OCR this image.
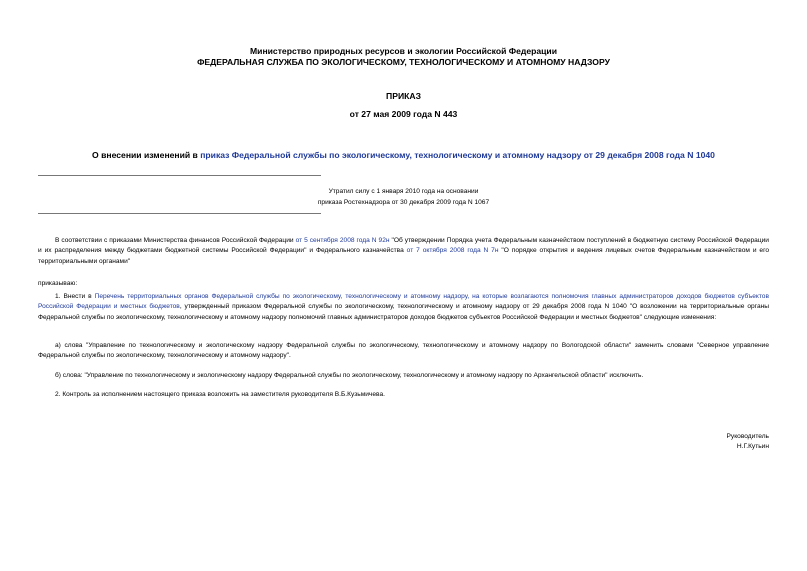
Министерство природных ресурсов и экологии Российской Федерации
ФЕДЕРАЛЬНАЯ СЛУЖБА ПО ЭКОЛОГИЧЕСКОМУ, ТЕХНОЛОГИЧЕСКОМУ И АТОМНОМУ НАДЗОРУ
ПРИКАЗ
от 27 мая 2009 года N 443
О внесении изменений в приказ Федеральной службы по экологическому, технологическому и атомному надзору от 29 декабря 2008 года N 1040
Утратил силу с 1 января 2010 года на основании
приказа Ростехнадзора от 30 декабря 2009 года N 1067
В соответствии с приказами Министерства финансов Российской Федерации от 5 сентября 2008 года N 92н "Об утверждении Порядка учета Федеральным казначейством поступлений в бюджетную систему Российской Федерации и их распределения между бюджетами бюджетной системы Российской Федерации" и Федерального казначейства от 7 октября 2008 года N 7н "О порядке открытия и ведения лицевых счетов Федеральным казначейством и его территориальными органами"
приказываю:
1. Внести в Перечень территориальных органов Федеральной службы по экологическому, технологическому и атомному надзору, на которые возлагаются полномочия главных администраторов доходов бюджетов субъектов Российской Федерации и местных бюджетов, утвержденный приказом Федеральной службы по экологическому, технологическому и атомному надзору от 29 декабря 2008 года N 1040 "О возложении на территориальные органы Федеральной службы по экологическому, технологическому и атомному надзору полномочий главных администраторов доходов бюджетов субъектов Российской Федерации и местных бюджетов" следующие изменения:
а) слова "Управление по технологическому и экологическому надзору Федеральной службы по экологическому, технологическому и атомному надзору по Вологодской области" заменить словами "Северное управление Федеральной службы по экологическому, технологическому и атомному надзору".
б) слова: "Управление по технологическому и экологическому надзору Федеральной службы по экологическому, технологическому и атомному надзору по Архангельской области" исключить.
2. Контроль за исполнением настоящего приказа возложить на заместителя руководителя В.Б.Кузьмичева.
Руководитель
Н.Г.Кутьин
